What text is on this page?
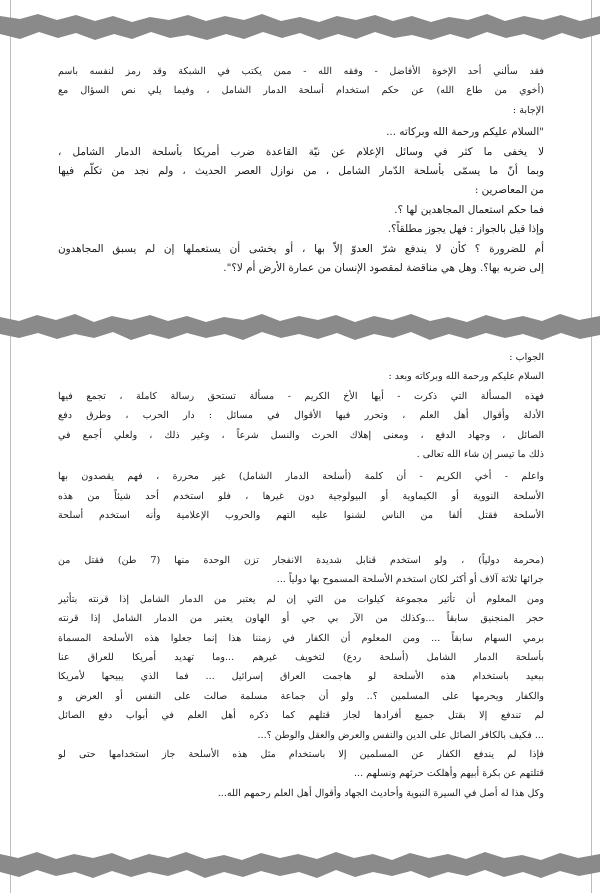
فقد سألني أحد الإخوة الأفاضل - وفقه الله - ممن يكتب في الشبكة وقد رمز لنفسه باسم

(أخوي من طاع الله) عن حكم استخدام أسلحة الدمار الشامل ، وفيما يلي نص السؤال مع

الإجابة :

"السلام عليكم ورحمة الله وبركاته ...

لا يخفى ما كثر في وسائل الإعلام عن نيّة القاعدة ضرب أمريكا بأسلحة الدمار الشامل ،

وبما أنّ ما يسمّى بأسلحة الدّمار الشامل ، من نوازل العصر الحديث ، ولم نجد من تكلّم فيها

من المعاصرين :

فما حكم استعمال المجاهدين لها ؟.

وإذا قيل بالجواز : فهل يجوز مطلقاً؟.

أم للضرورة ؟ كأن لا يندفع شرّ العدوّ إلاّ بها ، أو يخشى أن يستعملها إن لم يسبق المجاهدون

إلى ضربه بها؟. وهل هي مناقضة لمقصود الإنسان من عمارة الأرض أم لا؟".

الجواب :

السلام عليكم ورحمة الله وبركاته وبعد :

فهذه المسألة التي ذكرت - أيها الأخ الكريم - مسألة تستحق رسالة كاملة ، تجمع فيها

الأدلة وأقوال أهل العلم ، وتحرر فيها الأقوال في مسائل : دار الحرب ، وطرق دفع

الصائل ، وجهاد الدفع ، ومعنى إهلاك الحرث والنسل شرعاً ، وغير ذلك ، ولعلي أجمع في

ذلك ما تيسر إن شاء الله تعالى .

واعلم - أخي الكريم - أن كلمة (أسلحة الدمار الشامل) غير محررة ، فهم يقصدون بها

الأسلحة النووية أو الكيماوية أو البيولوجية دون غيرها ، فلو استخدم أحد شيئاً من هذه

الأسلحة فقتل ألفا من الناس لشنوا عليه التهم والحروب الإعلامية وأنه استخدم أسلحة

(محرمة دولياً) ، ولو استخدم قنابل شديدة الانفجار تزن الوحدة منها (7 طن) فقتل من

جرائها ثلاثة آلاف أو أكثر لكان استخدم الأسلحة المسموح بها دولياً ...

ومن المعلوم أن تأثير مجموعة كيلوات من التي إن لم يعتبر من الدمار الشامل إذا قرنته بتأثير

حجر المنجنيق سابقاً ...وكذلك من الآر بي جي أو الهاون يعتبر من الدمار الشامل إذا قرنته

برمي السهام سابقاً ... ومن المعلوم أن الكفار في زمننا هذا إنما جعلوا هذه الأسلحة المسماة

بأسلحة الدمار الشامل (أسلحة ردع) لتخويف غيرهم ...وما تهديد أمريكا للعراق عنا

ببعيد باستخدام هذه الأسلحة لو هاجمت العراق إسرائيل ... فما الذي يبيحها لأمريكا

والكفار ويحرمها على المسلمين ؟.. ولو أن جماعة مسلمة صالت على النفس أو العرض و

لم تندفع إلا بقتل جميع أفرادها لجاز قتلهم كما ذكره أهل العلم في أبواب دفع الصائل

... فكيف بالكافر الصائل على الدين والنفس والعرض والعقل والوطن ؟...

فإذا لم يندفع الكفار عن المسلمين إلا باستخدام مثل هذه الأسلحة جاز استخدامها حتى لو

قتلتهم عن بكرة أبيهم وأهلكت حرثهم ونسلهم ...

وكل هذا له أصل في السيرة النبوية وأحاديث الجهاد وأقوال أهل العلم رحمهم الله...
